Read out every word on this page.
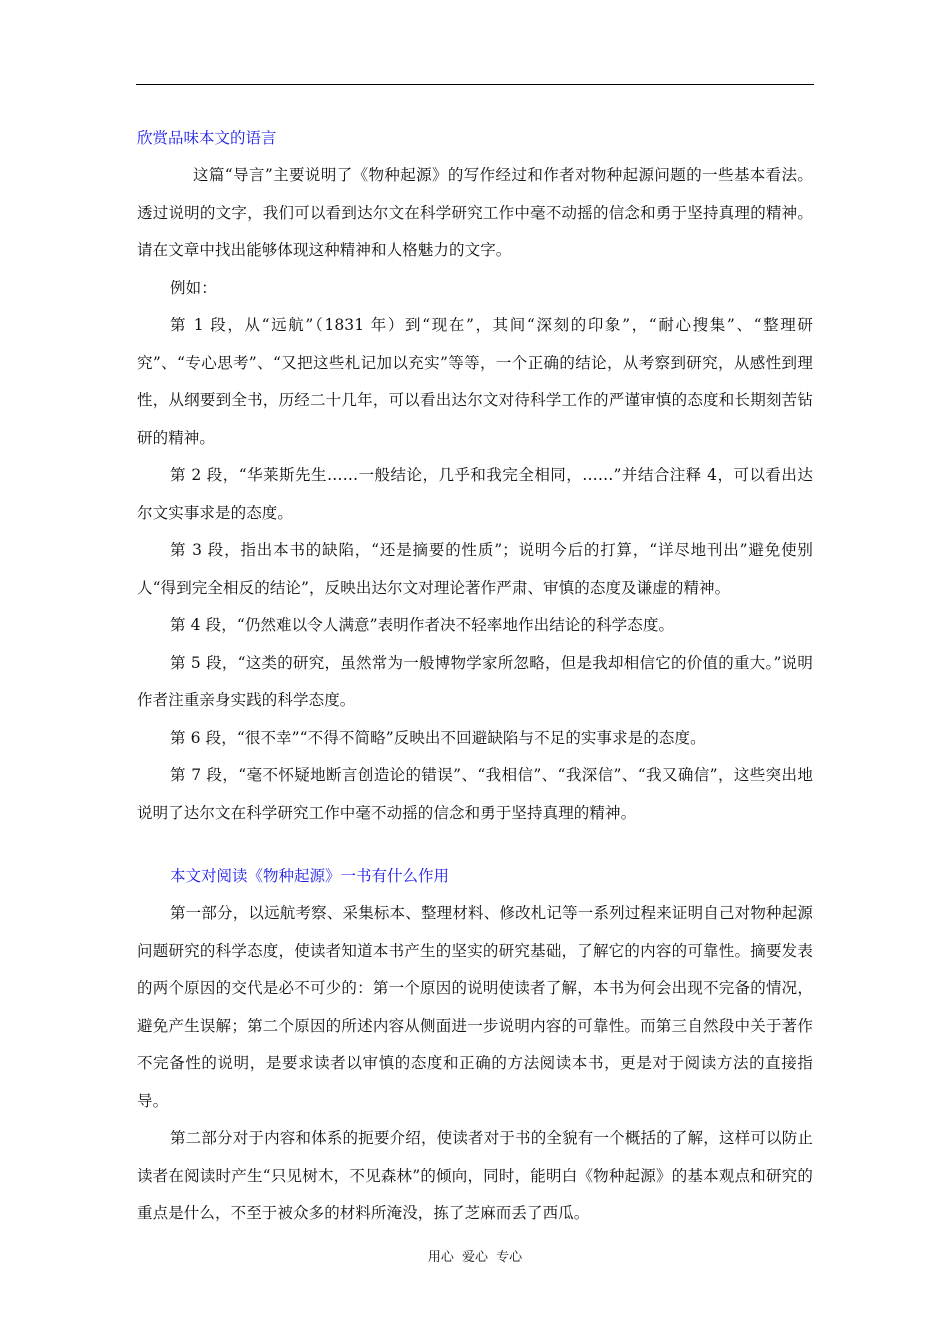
欣赏品味本文的语言

这篇“导言”主要说明了《物种起源》的写作经过和作者对物种起源问题的一些基本看法。透过说明的文字，我们可以看到达尔文在科学研究工作中毫不动摇的信念和勇于坚持真理的精神。请在文章中找出能够体现这种精神和人格魅力的文字。

例如：

第 1 段，从“远航”（1831 年）到“现在”，其间“深刻的印象”，“耐心搜集”、“整理研究”、“专心思考”、“又把这些札记加以充实”等等，一个正确的结论，从考察到研究，从感性到理性，从纲要到全书，历经二十几年，可以看出达尔文对待科学工作的严谨审慎的态度和长期刻苦钻研的精神。

第 2 段，“华莱斯先生……一般结论，几乎和我完全相同，……”并结合注释 4，可以看出达尔文实事求是的态度。

第 3 段，指出本书的缺陷，“还是摘要的性质”；说明今后的打算，“详尽地刊出”避免使别人“得到完全相反的结论”，反映出达尔文对理论著作严肃、审慎的态度及谦虚的精神。

第 4 段，“仍然难以令人满意”表明作者决不轻率地作出结论的科学态度。

第 5 段，“这类的研究，虽然常为一般博物学家所忽略，但是我却相信它的价值的重大。”说明作者注重亲身实践的科学态度。

第 6 段，“很不幸”“不得不简略”反映出不回避缺陷与不足的实事求是的态度。

第 7 段，“毫不怀疑地断言创造论的错误”、“我相信”、“我深信”、“我又确信”，这些突出地说明了达尔文在科学研究工作中毫不动摇的信念和勇于坚持真理的精神。

本文对阅读《物种起源》一书有什么作用

第一部分，以远航考察、采集标本、整理材料、修改札记等一系列过程来证明自己对物种起源问题研究的科学态度，使读者知道本书产生的坚实的研究基础，了解它的内容的可靠性。摘要发表的两个原因的交代是必不可少的：第一个原因的说明使读者了解，本书为何会出现不完备的情况，避免产生误解；第二个原因的所述内容从侧面进一步说明内容的可靠性。而第三自然段中关于著作不完备性的说明，是要求读者以审慎的态度和正确的方法阅读本书，更是对于阅读方法的直接指导。

第二部分对于内容和体系的扼要介绍，使读者对于书的全貌有一个概括的了解，这样可以防止读者在阅读时产生“只见树木，不见森林”的倾向，同时，能明白《物种起源》的基本观点和研究的重点是什么，不至于被众多的材料所淹没，拣了芝麻而丢了西瓜。

用心 爱心 专心
